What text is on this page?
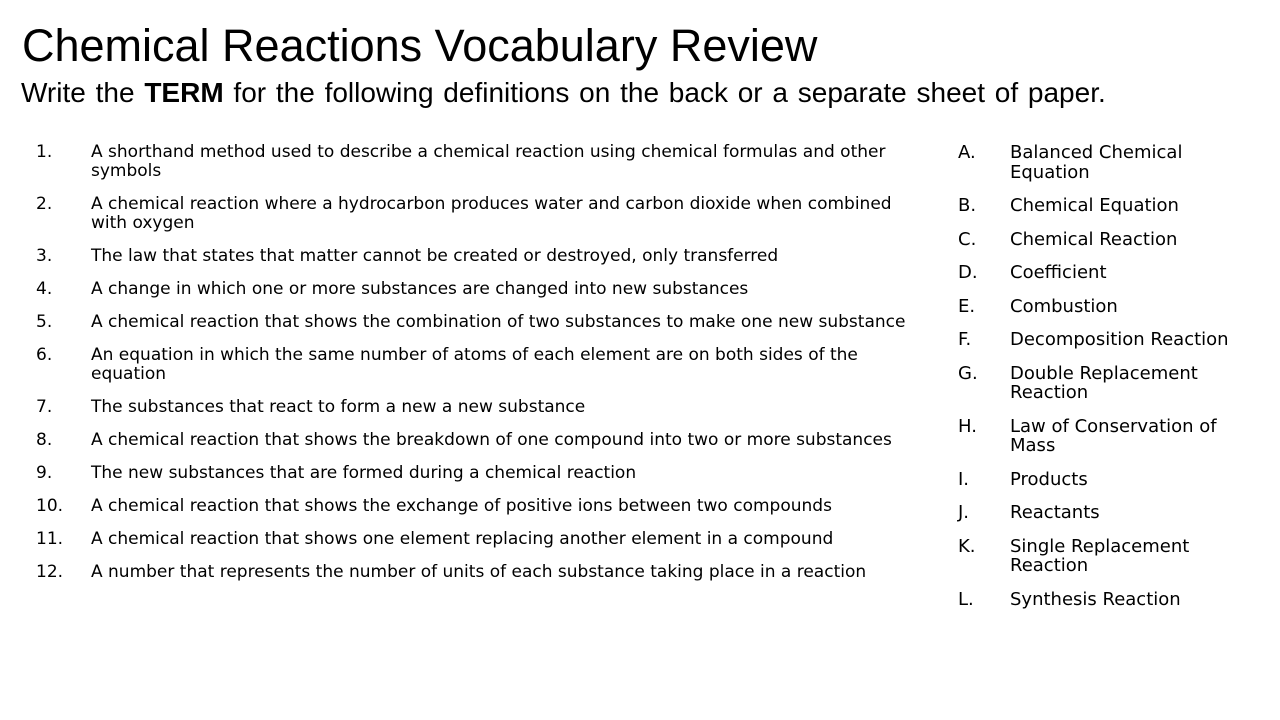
Chemical Reactions Vocabulary Review

Write the TERM for the following definitions on the back or a separate sheet of paper.

1.	A shorthand method used to describe a chemical reaction using chemical formulas and other symbols
2.	A chemical reaction where a hydrocarbon produces water and carbon dioxide when combined with oxygen
3.	The law that states that matter cannot be created or destroyed, only transferred
4.	A change in which one or more substances are changed into new substances
5.	A chemical reaction that shows the combination of two substances to make one new substance
6.	An equation in which the same number of atoms of each element are on both sides of the equation
7.	The substances that react to form a new a new substance
8.	A chemical reaction that shows the breakdown of one compound into two or more substances
9.	The new substances that are formed during a chemical reaction
10.	A chemical reaction that shows the exchange of positive ions between two compounds
11.	A chemical reaction that shows one element replacing another element in a compound
12.	A number that represents the number of units of each substance taking place in a reaction
A.	Balanced Chemical Equation
B.	Chemical Equation
C.	Chemical Reaction
D.	Coefficient
E.	Combustion
F.	Decomposition Reaction
G.	Double Replacement Reaction
H.	Law of Conservation of Mass
I.	Products
J.	Reactants
K.	Single Replacement Reaction
L.	Synthesis Reaction
